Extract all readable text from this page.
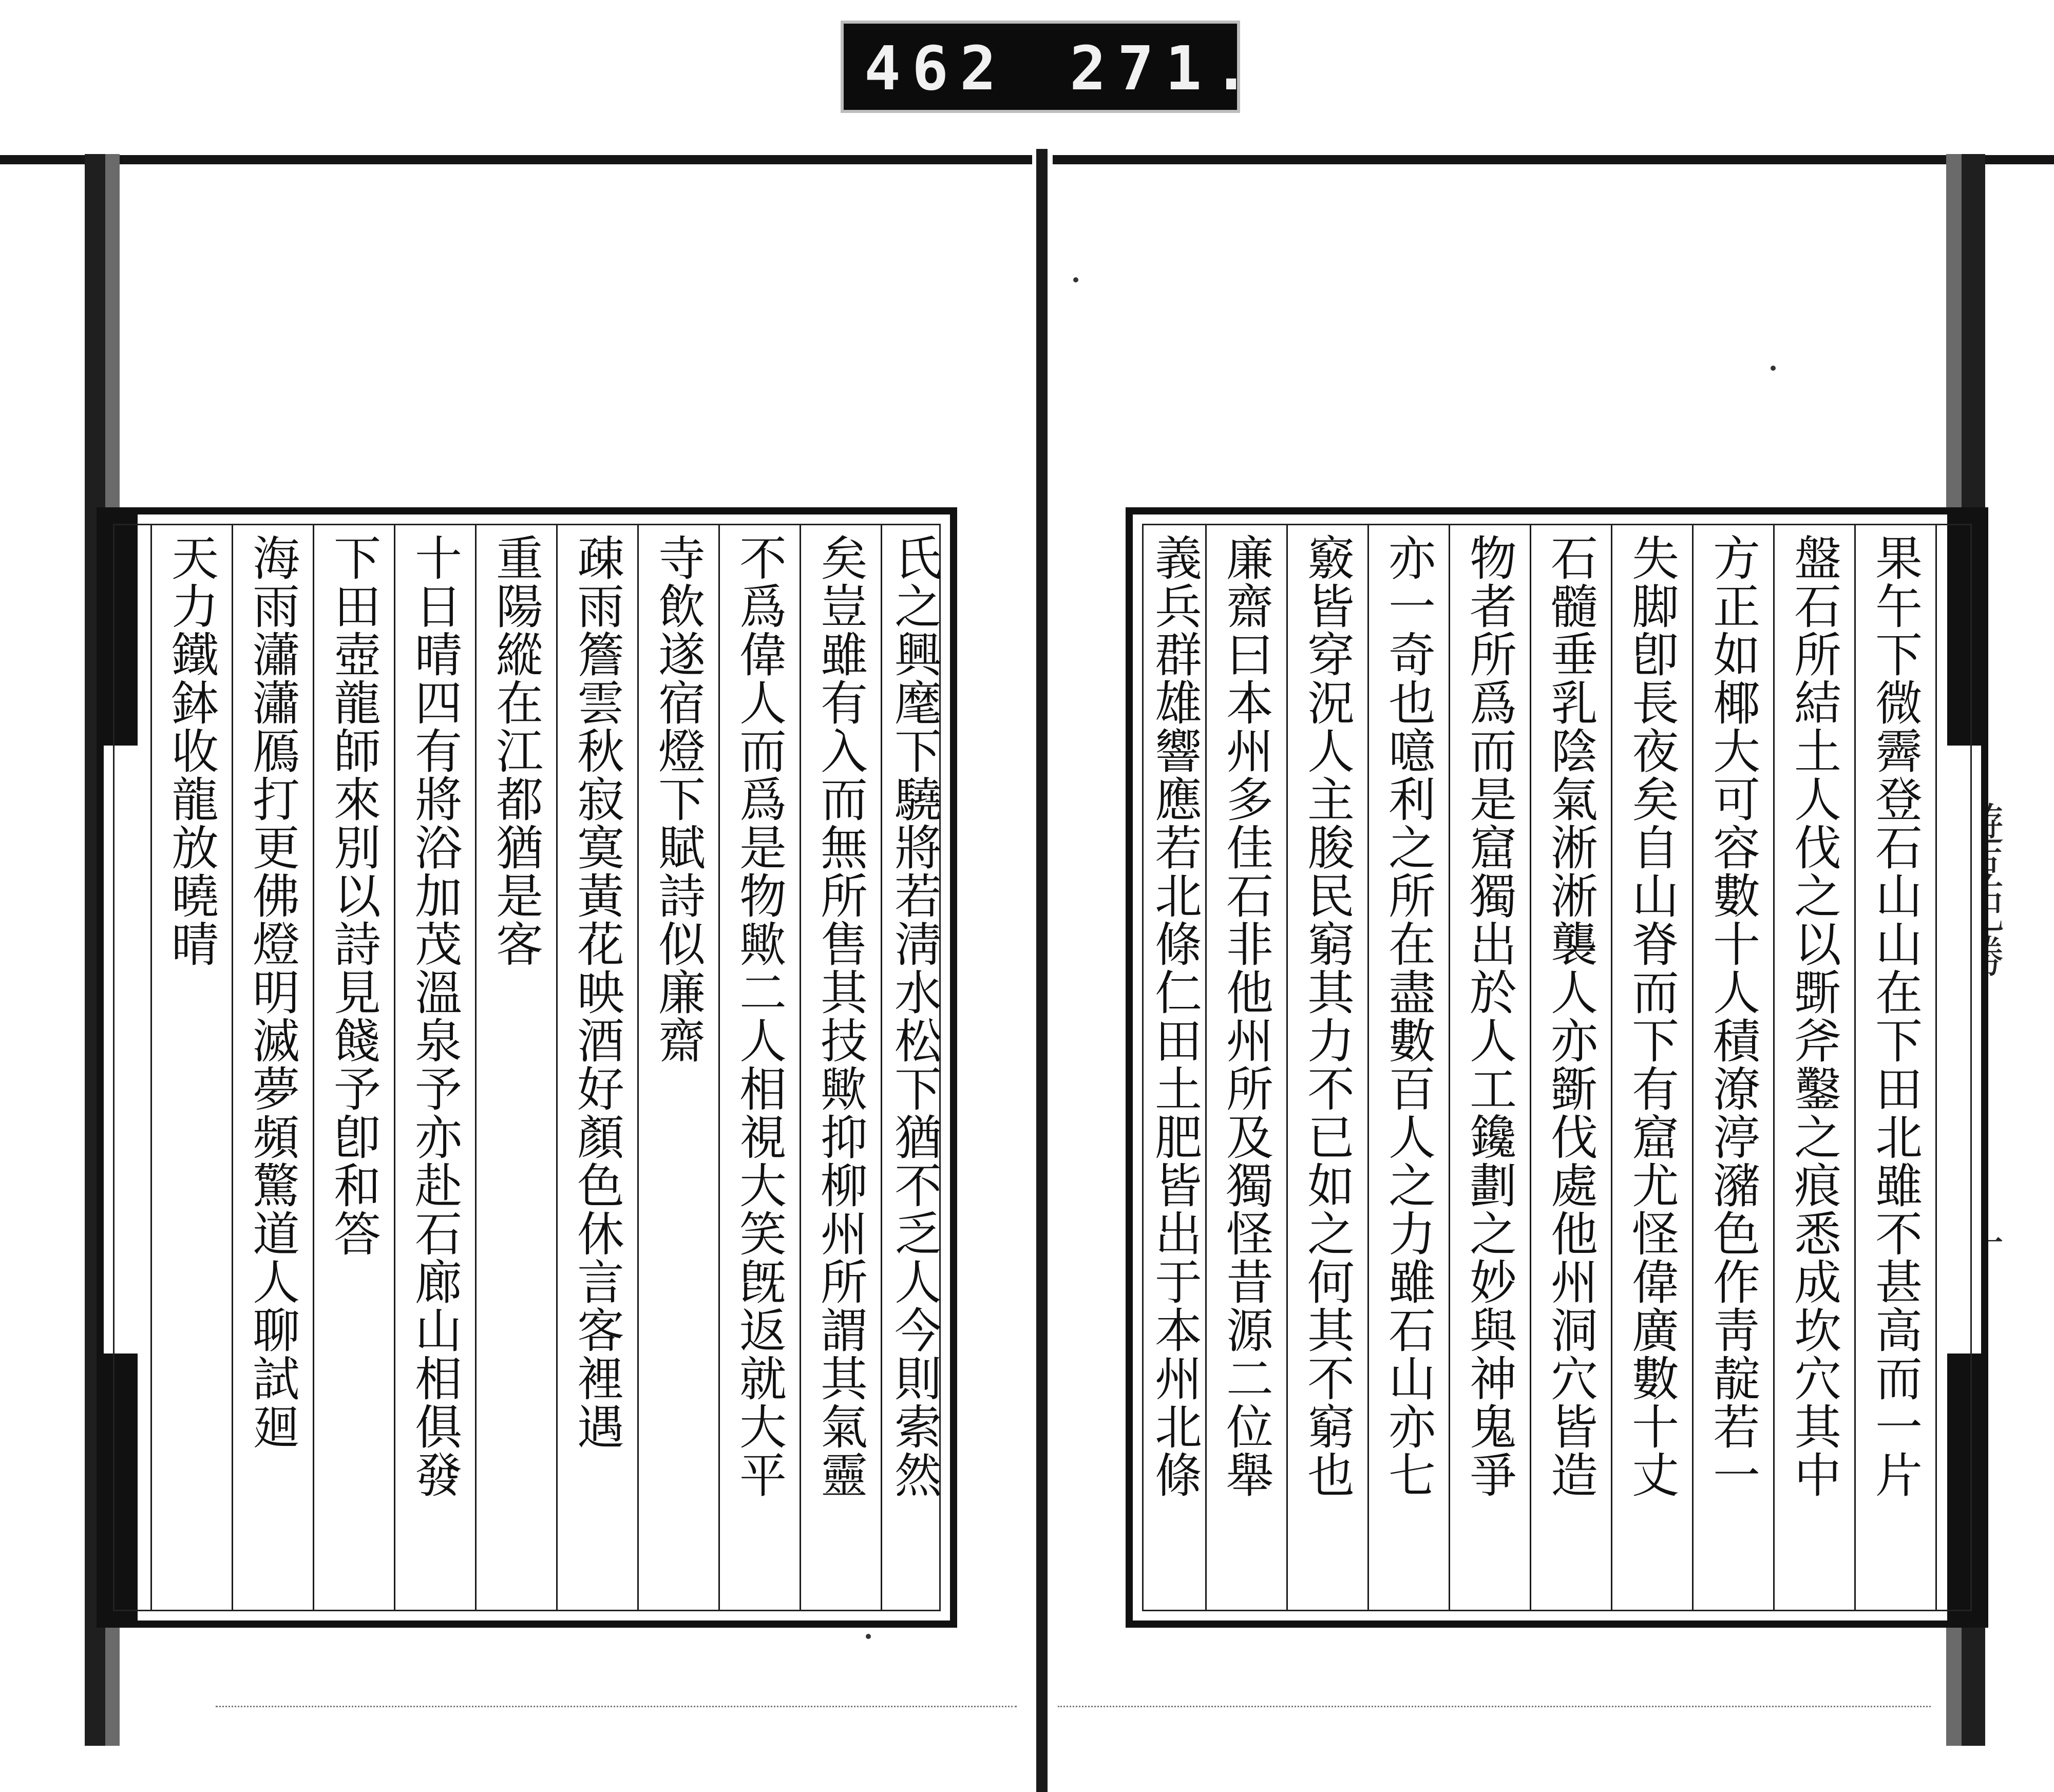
462 271.
天力鐵鉢收龍放曉晴 海雨瀟瀟鴈打更佛燈明滅夢頻驚道人聊試廻 下田壺龍師來別以詩見餞予卽和答 十日晴四有將浴加茂溫泉予亦赴石廊山相俱發 重陽縱在江都猶是客 疎雨簷雲秋寂寞黃花映酒好顏色休言客裡遇 寺飲遂宿燈下賦詩似廉齋 不爲偉人而爲是物歟二人相視大笑旣返就大平 矣豈雖有入而無所售其技歟抑柳州所謂其氣靈 氏之興麾下驍將若淸水松下猶不乏人今則索然	果午下微霽登石山山在下田北雖不甚高而一片
盤石所結土人伐之以斲斧鑿之痕悉成坎穴其中
方正如椰大可容數十人積潦渟瀦色作靑靛若一
失脚卽長夜矣自山脊而下有窟尤怪偉廣數十丈
石髓垂乳陰氣淅淅襲人亦斵伐處他州洞穴皆造
物者所爲而是窟獨出於人工鑱劃之妙與神鬼爭
亦一奇也噫利之所在盡數百人之力雖石山亦七
竅皆穿況人主朘民窮其力不已如之何其不窮也
廉齋曰本州多佳石非他州所及獨怪昔源二位舉
義兵群雄響應若北條仁田土肥皆出于本州北條
